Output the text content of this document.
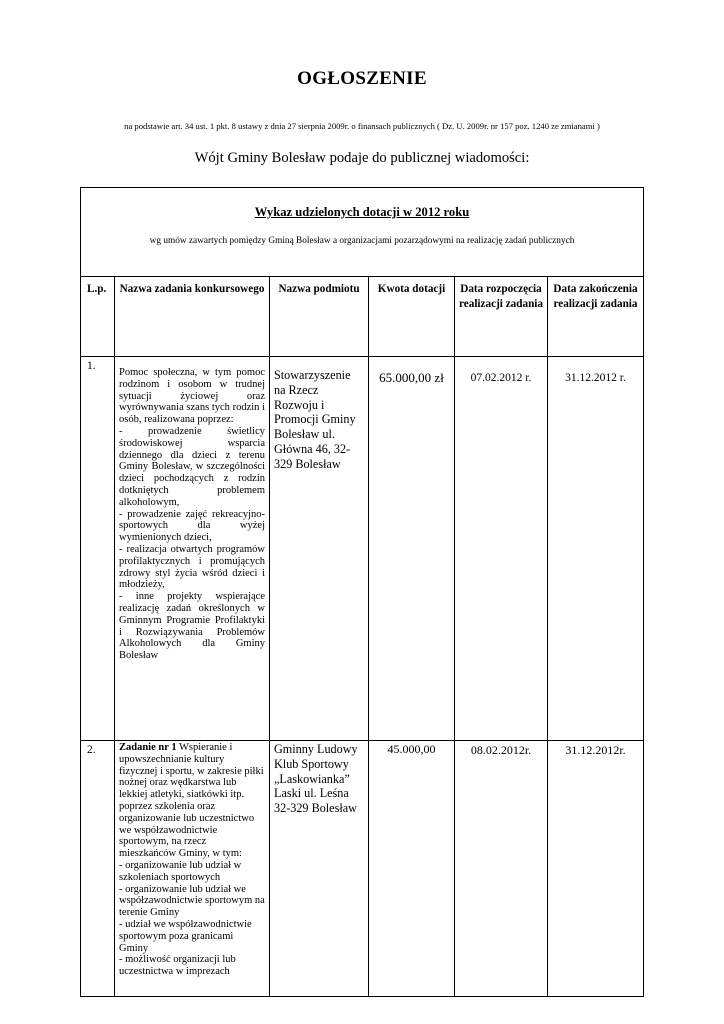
OGŁOSZENIE
na podstawie art. 34 ust. 1 pkt. 8 ustawy z dnia 27 sierpnia 2009r. o finansach publicznych ( Dz. U. 2009r. nr 157 poz. 1240 ze zmianami )
Wójt Gminy Bolesław podaje do publicznej wiadomości:
Wykaz udzielonych dotacji w 2012 roku
wg umów zawartych pomiędzy Gminą Bolesław a organizacjami pozarządowymi na realizację zadań publicznych					

L.p.	Nazwa zadania konkursowego	Nazwa podmiotu	Kwota dotacji	Data rozpoczęcia realizacji zadania	Data zakończenia realizacji zadania
1.	Pomoc społeczna, w tym pomoc rodzinom i osobom w trudnej sytuacji życiowej oraz wyrównywania szans tych rodzin i osób, realizowana poprzez:
- prowadzenie świetlicy środowiskowej wsparcia dziennego dla dzieci z terenu Gminy Bolesław, w szczególności dzieci pochodzących z rodzin dotkniętych problemem alkoholowym,
- prowadzenie zajęć rekreacyjno- sportowych dla wyżej wymienionych dzieci,
- realizacja otwartych programów profilaktycznych i promujących zdrowy styl życia wśród dzieci i młodzieży,
- inne projekty wspierające realizację zadań określonych w Gminnym Programie Profilaktyki i Rozwiązywania Problemów Alkoholowych dla Gminy Bolesław	Stowarzyszenie na Rzecz Rozwoju i Promocji Gminy Bolesław ul. Główna 46, 32- 329 Bolesław	65.000,00 zł	07.02.2012 r.	31.12.2012 r.
2.	Zadanie nr 1 Wspieranie i upowszechnianie kultury fizycznej i sportu, w zakresie piłki nożnej oraz wędkarstwa lub lekkiej atletyki, siatkówki itp. poprzez szkolenia oraz organizowanie lub uczestnictwo we współzawodnictwie sportowym, na rzecz mieszkańców Gminy, w tym:
- organizowanie lub udział w szkoleniach sportowych
- organizowanie lub udział we współzawodnictwie sportowym na terenie Gminy
- udział we współzawodnictwie sportowym poza granicami Gminy
- możliwość organizacji lub uczestnictwa w imprezach	Gminny Ludowy Klub Sportowy „Laskowianka” Laski ul. Leśna 32-329 Bolesław	45.000,00	08.02.2012r.	31.12.2012r.
